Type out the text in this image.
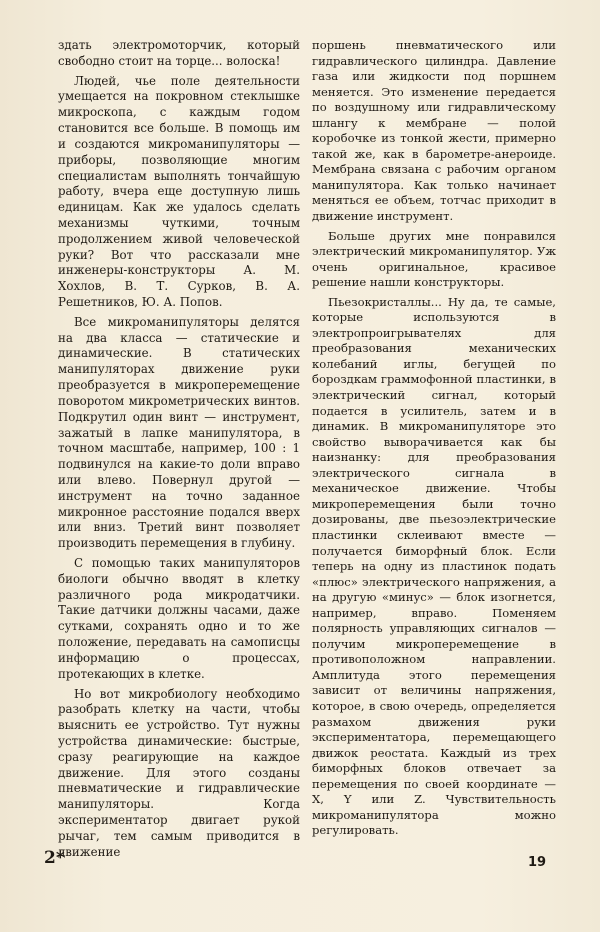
здать электромоторчик, который свободно стоит на торце... волоска!

Людей, чье поле деятельности умещается на покровном стеклышке микроскопа, с каждым годом становится все больше. В помощь им и создаются микроманипуляторы — приборы, позволяющие многим специалистам выполнять тончайшую работу, вчера еще доступную лишь единицам. Как же удалось сделать механизмы чуткими, точным продолжением живой человеческой руки? Вот что рассказали мне инженеры-конструкторы А. М. Хохлов, В. Т. Сурков, В. А. Решетников, Ю. А. Попов.

Все микроманипуляторы делятся на два класса — статические и динамические. В статических манипуляторах движение руки преобразуется в микроперемещение поворотом микрометрических винтов. Подкрутил один винт — инструмент, зажатый в лапке манипулятора, в точном масштабе, например, 100 : 1 подвинулся на какие-то доли вправо или влево. Повернул другой — инструмент на точно заданное микронное расстояние подался вверх или вниз. Третий винт позволяет производить перемещения в глубину.

С помощью таких манипуляторов биологи обычно вводят в клетку различного рода микродатчики. Такие датчики должны часами, даже сутками, сохранять одно и то же положение, передавать на самописцы информацию о процессах, протекающих в клетке.

Но вот микробиологу необходимо разобрать клетку на части, чтобы выяснить ее устройство. Тут нужны устройства динамические: быстрые, сразу реагирующие на каждое движение. Для этого созданы пневматические и гидравлические манипуляторы. Когда экспериментатор двигает рукой рычаг, тем самым приводится в движение

поршень пневматического или гидравлического цилиндра. Давление газа или жидкости под поршнем меняется. Это изменение передается по воздушному или гидравлическому шлангу к мембране — полой коробочке из тонкой жести, примерно такой же, как в барометре-анероиде. Мембрана связана с рабочим органом манипулятора. Как только начинает меняться ее объем, тотчас приходит в движение инструмент.

Больше других мне понравился электрический микроманипулятор. Уж очень оригинальное, красивое решение нашли конструкторы.

Пьезокристаллы... Ну да, те самые, которые используются в электропроигрывателях для преобразования механических колебаний иглы, бегущей по бороздкам граммофонной пластинки, в электрический сигнал, который подается в усилитель, затем и в динамик. В микроманипуляторе это свойство выворачивается как бы наизнанку: для преобразования электрического сигнала в механическое движение. Чтобы микроперемещения были точно дозированы, две пьезоэлектрические пластинки склеивают вместе — получается биморфный блок. Если теперь на одну из пластинок подать «плюс» электрического напряжения, а на другую «минус» — блок изогнется, например, вправо. Поменяем полярность управляющих сигналов — получим микроперемещение в противоположном направлении. Амплитуда этого перемещения зависит от величины напряжения, которое, в свою очередь, определяется размахом движения руки экспериментатора, перемещающего движок реостата. Каждый из трех биморфных блоков отвечает за перемещения по своей координате — X, Y или Z. Чувствительность микроманипулятора можно регулировать.

2*	19
